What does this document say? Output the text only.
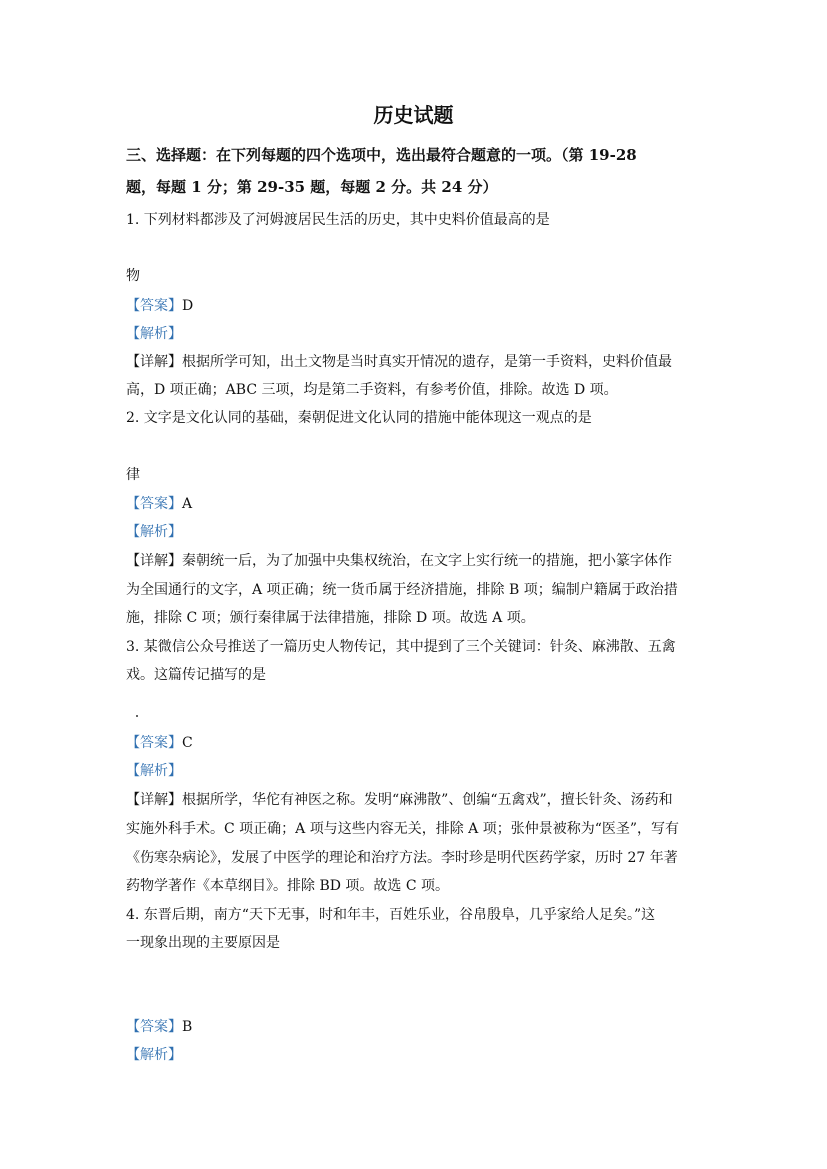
历史试题
三、选择题：在下列每题的四个选项中，选出最符合题意的一项。（第 19-28
题，每题 1 分；第 29-35 题，每题 2 分。共 24 分）
1. 下列材料都涉及了河姆渡居民生活的历史，其中史料价值最高的是
物
【答案】D
【解析】
【详解】根据所学可知，出土文物是当时真实开情况的遗存，是第一手资料，史料价值最
高，D 项正确；ABC 三项，均是第二手资料，有参考价值，排除。故选 D 项。
2. 文字是文化认同的基础，秦朝促进文化认同的措施中能体现这一观点的是
律
【答案】A
【解析】
【详解】秦朝统一后，为了加强中央集权统治，在文字上实行统一的措施，把小篆字体作
为全国通行的文字，A 项正确；统一货币属于经济措施，排除 B 项；编制户籍属于政治措
施，排除 C 项；颁行秦律属于法律措施，排除 D 项。故选 A 项。
3. 某微信公众号推送了一篇历史人物传记，其中提到了三个关键词：针灸、麻沸散、五禽
戏。这篇传记描写的是
【答案】C
【解析】
【详解】根据所学，华佗有神医之称。发明“麻沸散”、创编“五禽戏”，擅长针灸、汤药和
实施外科手术。C 项正确；A 项与这些内容无关，排除 A 项；张仲景被称为“医圣”，写有
《伤寒杂病论》，发展了中医学的理论和治疗方法。李时珍是明代医药学家，历时 27 年著
药物学著作《本草纲目》。排除 BD 项。故选 C 项。
4. 东晋后期，南方“天下无事，时和年丰，百姓乐业，谷帛殷阜，几乎家给人足矣。”这
一现象出现的主要原因是
【答案】B
【解析】
